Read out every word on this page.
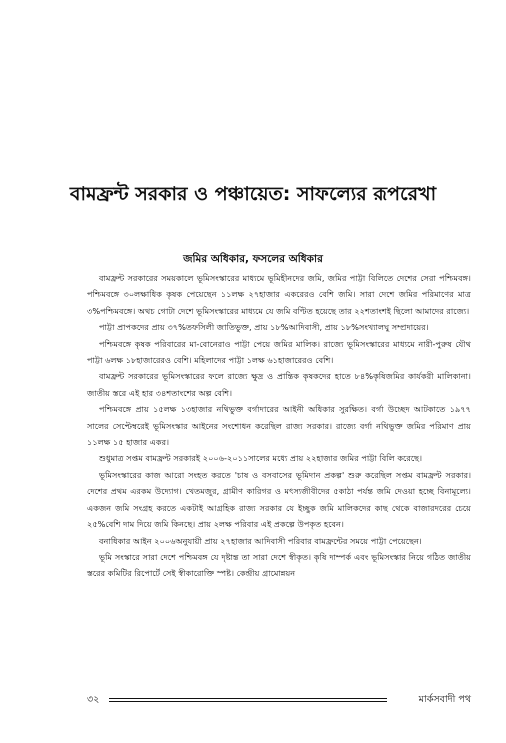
বামফ্রন্ট সরকার ও পঞ্চায়েত: সাফল্যের রূপরেখা
জমির অধিকার, ফসলের অধিকার

বামফ্রন্ট সরকারের সময়কালে ভূমিসংস্কারের মাধ্যমে ভূমিহীনদের জমি, জমির পাট্টা বিলিতে দেশের সেরা পশ্চিমবঙ্গ। পশ্চিমবঙ্গে ৩০লক্ষাধিক কৃষক পেয়েছেন ১১লক্ষ ২৭হাজার একরেরও বেশি জমি। সারা দেশে জমির পরিমাণের মাত্র ৩%পশ্চিমবঙ্গে। অথচ গোটা দেশে ভূমিসংস্কারের মাধ্যমে যে জমি বণ্টিত হয়েছে তার ২২শতাংশই ছিলো আমাদের রাজ্যে।

পাট্টা প্রাপকদের প্রায় ৩৭%তফসিলী জাতিভুক্ত, প্রায় ১৮%আদিবাসী, প্রায় ১৮%সংখ্যালঘু সম্প্রদায়ের।

পশ্চিমবঙ্গে কৃষক পরিবারের মা-বোনেরাও পাট্টা পেয়ে জমির মালিক। রাজ্যে ভূমিসংস্কারের মাধ্যমে নারী-পুরুষ যৌথ পাট্টা ৬লক্ষ ১৮হাজারেরও বেশি। মহিলাদের পাট্টা ১লক্ষ ৬১হাজারেরও বেশি।

বামফ্রন্ট সরকারের ভূমিসংস্কারের ফলে রাজ্যে ক্ষুদ্র ও প্রান্তিক কৃষকদের হাতে ৮৪%কৃষিজমির কার্যকরী মালিকানা। জাতীয় স্তরে এই হার ৩৪শতাংশের অল্প বেশি।

পশ্চিমবঙ্গে প্রায় ১৫লক্ষ ১৩হাজার নথিভুক্ত বর্গাদারের আইনী অধিকার সুরক্ষিত। বর্গা উচ্ছেদ আটকাতে ১৯৭৭ সালের সেপ্টেম্বরেই ভূমিসংস্কার আইনের সংশোধন করেছিল রাজ্য সরকার। রাজ্যে বর্গা নথিভুক্ত জমির পরিমাণ প্রায় ১১লক্ষ ১৫ হাজার একর।

শুধুমাত্র সপ্তম বামফ্রন্ট সরকারই ২০০৬-২০১১সালের মধ্যে প্রায় ২২হাজার জমির পাট্টা বিলি করেছে।

ভূমিসংস্কারের কাজ আরো সংহত করতে 'চাষ ও বসবাসের ভূমিদান প্রকল্প' শুরু করেছিল সপ্তম বামফ্রন্ট সরকার। দেশের প্রথম এরকম উদ্যোগ। খেতমজুর, গ্রামীণ কারিগর ও মৎস্যজীবীদের ৫কাঠা পর্যন্ত জমি দেওয়া হচ্ছে বিনামূল্যে। একজন জমি সংগ্রহ করতে একটাই আগ্রহিক রাজ্য সরকার যে ইচ্ছুক জমি মালিকদের কাছ থেকে বাজারদরের চেয়ে ২৫%বেশি দাম দিয়ে জমি কিনছে। প্রায় ২লক্ষ পরিবার এই প্রকল্পে উপকৃত হবেন।

বনাধিকার আইন ২০০৬অনুযায়ী প্রায় ২৭হাজার আদিবাসী পরিবার বামফ্রন্টের সময়ে পাট্টা পেয়েছেন।

ভূমি সংস্কারে সারা দেশে পশ্চিমবঙ্গ যে দৃষ্টান্ত তা সারা দেশে স্বীকৃত। কৃষি দাম্পর্ক এবং ভূমিসংস্কার নিয়ে গঠিত জাতীয় স্তরের কমিটির রিপোর্টে সেই স্বীকারোক্তি স্পষ্ট। কেন্দ্রীয় গ্রামোন্নয়ন

৩২	মার্কসবাদী পথ
